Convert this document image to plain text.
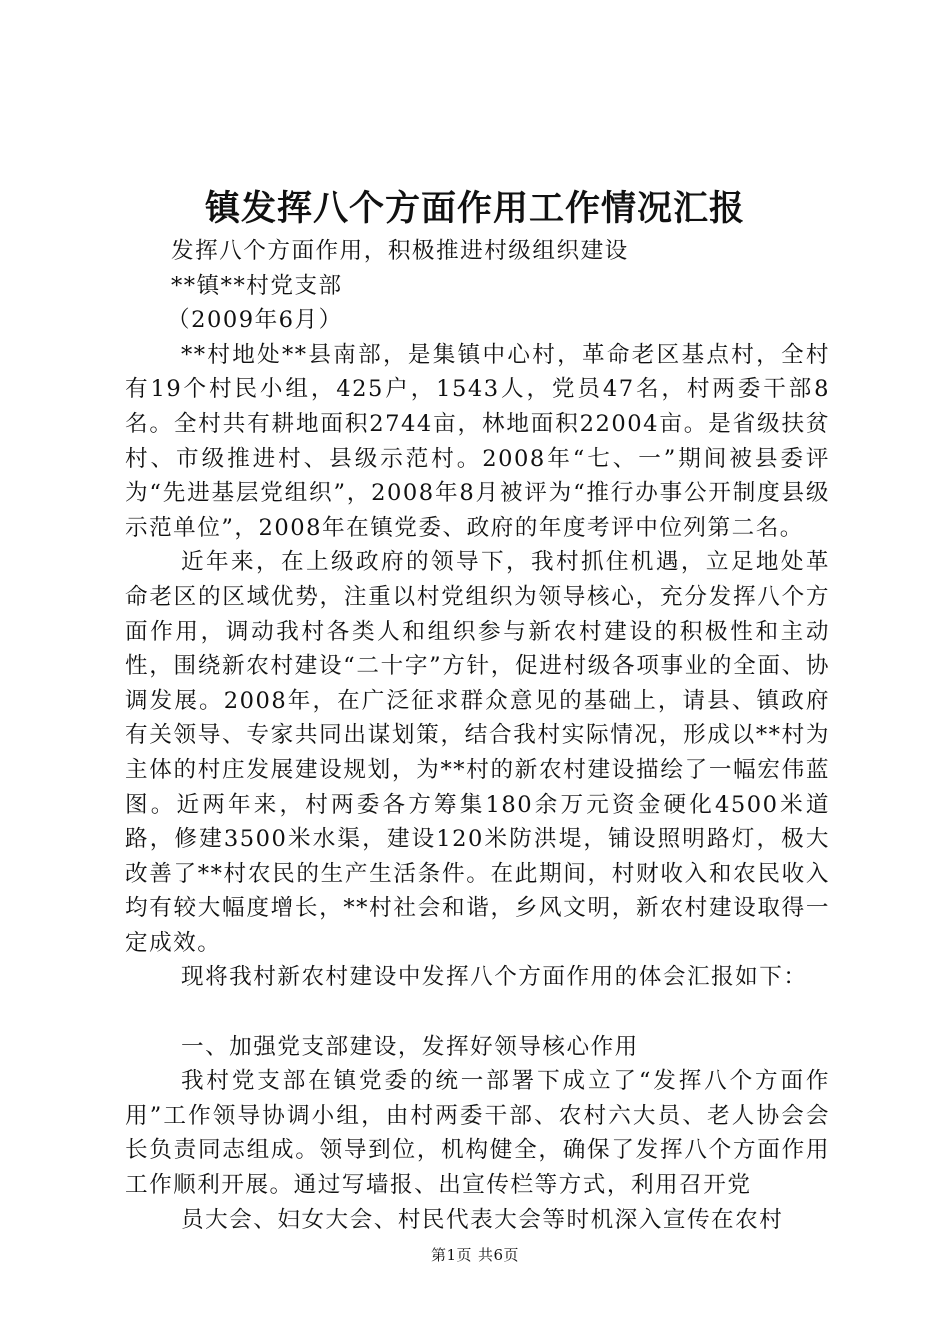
镇发挥八个方面作用工作情况汇报

发挥八个方面作用，积极推进村级组织建设

**镇**村党支部

（2009年6月）

**村地处**县南部，是集镇中心村，革命老区基点村，全村有19个村民小组，425户，1543人，党员47名，村两委干部8名。全村共有耕地面积2744亩，林地面积22004亩。是省级扶贫村、市级推进村、县级示范村。2008年“七、一”期间被县委评为“先进基层党组织”，2008年8月被评为“推行办事公开制度县级示范单位”，2008年在镇党委、政府的年度考评中位列第二名。

近年来，在上级政府的领导下，我村抓住机遇，立足地处革命老区的区域优势，注重以村党组织为领导核心，充分发挥八个方面作用，调动我村各类人和组织参与新农村建设的积极性和主动性，围绕新农村建设“二十字”方针，促进村级各项事业的全面、协调发展。2008年，在广泛征求群众意见的基础上，请县、镇政府有关领导、专家共同出谋划策，结合我村实际情况，形成以**村为主体的村庄发展建设规划，为**村的新农村建设描绘了一幅宏伟蓝图。近两年来，村两委各方筹集180余万元资金硬化4500米道路，修建3500米水渠，建设120米防洪堤，铺设照明路灯，极大改善了**村农民的生产生活条件。在此期间，村财收入和农民收入均有较大幅度增长，**村社会和谐，乡风文明，新农村建设取得一定成效。

现将我村新农村建设中发挥八个方面作用的体会汇报如下：

一、加强党支部建设，发挥好领导核心作用

我村党支部在镇党委的统一部署下成立了“发挥八个方面作用”工作领导协调小组，由村两委干部、农村六大员、老人协会会长负责同志组成。领导到位，机构健全，确保了发挥八个方面作用工作顺利开展。通过写墙报、出宣传栏等方式，利用召开党

员大会、妇女大会、村民代表大会等时机深入宣传在农村

第1页 共6页
